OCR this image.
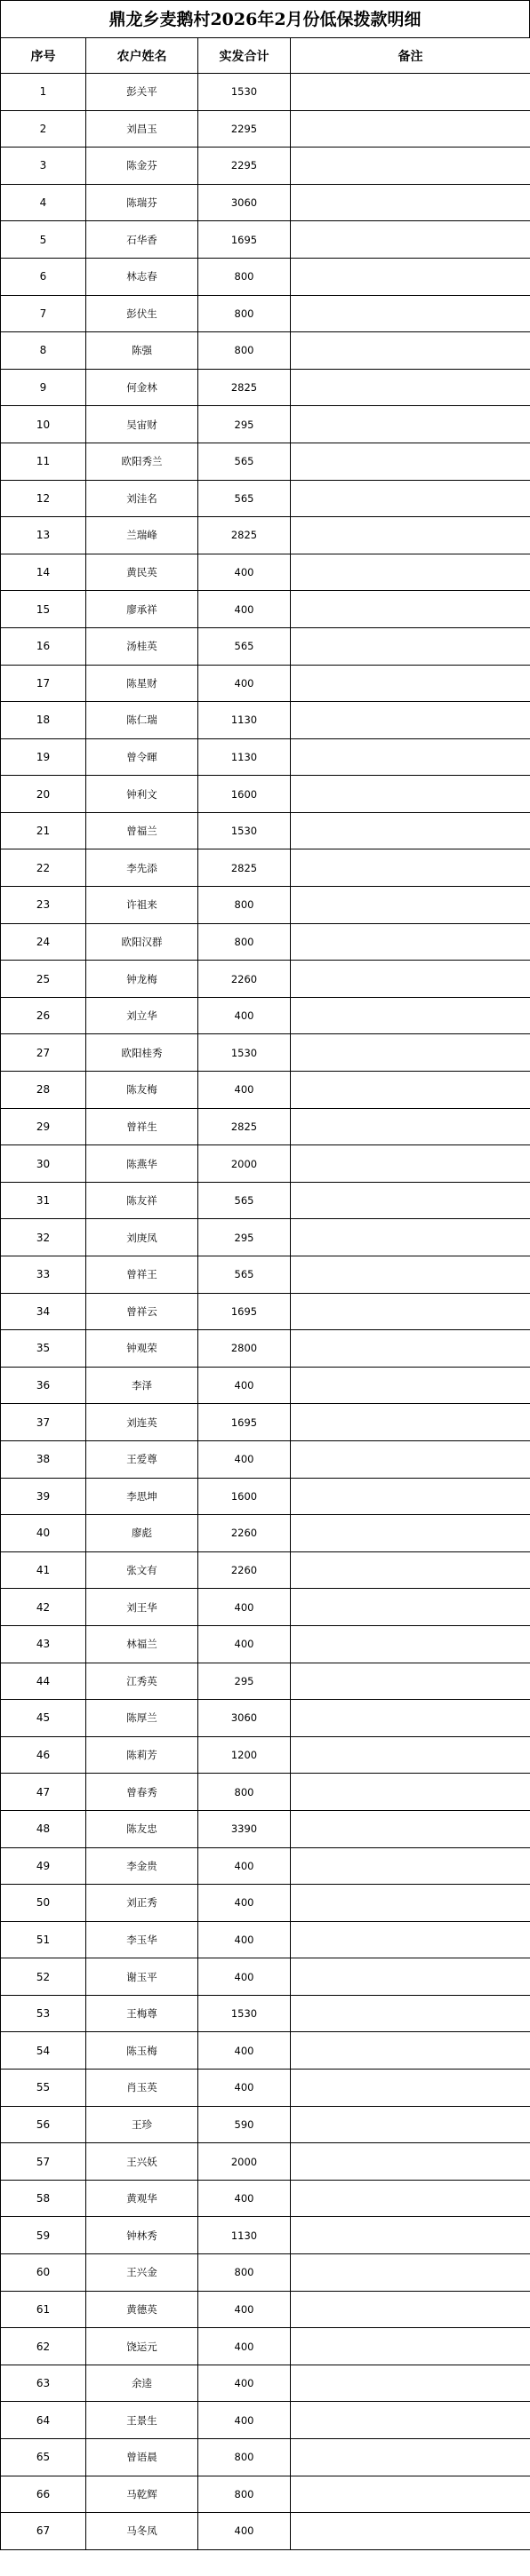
鼎龙乡麦鹅村2026年2月份低保拨款明细
序号	农户姓名	实发合计	备注
1	彭关平	1530	
2	刘昌玉	2295	
3	陈金芬	2295	
4	陈瑞芬	3060	
5	石华香	1695	
6	林志春	800	
7	彭伏生	800	
8	陈强	800	
9	何金林	2825	
10	吴宙财	295	
11	欧阳秀兰	565	
12	刘洼名	565	
13	兰瑞峰	2825	
14	黄民英	400	
15	廖承祥	400	
16	汤桂英	565	
17	陈星财	400	
18	陈仁瑞	1130	
19	曾令暉	1130	
20	钟利文	1600	
21	曾福兰	1530	
22	李先添	2825	
23	许祖来	800	
24	欧阳汉群	800	
25	钟龙梅	2260	
26	刘立华	400	
27	欧阳桂秀	1530	
28	陈友梅	400	
29	曾祥生	2825	
30	陈燕华	2000	
31	陈友祥	565	
32	刘庚凤	295	
33	曾祥王	565	
34	曾祥云	1695	
35	钟观荣	2800	
36	李泽	400	
37	刘连英	1695	
38	王爱尊	400	
39	李思坤	1600	
40	廖彪	2260	
41	张文有	2260	
42	刘王华	400	
43	林福兰	400	
44	江秀英	295	
45	陈厚兰	3060	
46	陈莉芳	1200	
47	曾春秀	800	
48	陈友忠	3390	
49	李金贵	400	
50	刘正秀	400	
51	李玉华	400	
52	谢玉平	400	
53	王梅尊	1530	
54	陈玉梅	400	
55	肖玉英	400	
56	王珍	590	
57	王兴妖	2000	
58	黄观华	400	
59	钟林秀	1130	
60	王兴金	800	
61	黄德英	400	
62	饶运元	400	
63	余逵	400	
64	王景生	400	
65	曾语晨	800	
66	马乾辉	800	
67	马冬凤	400	
